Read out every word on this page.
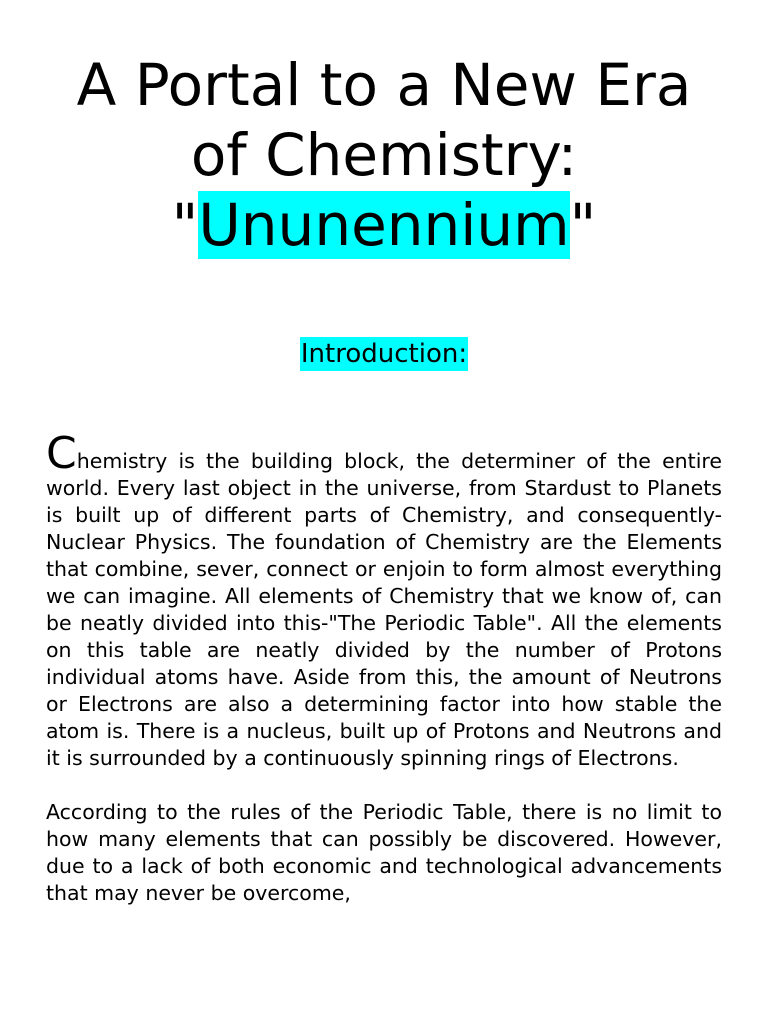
A Portal to a New Era
of Chemistry:
"Ununennium"
Introduction:

Chemistry is the building block, the determiner of the entire world. Every last object in the universe, from Stardust to Planets is built up of different parts of Chemistry, and consequently-Nuclear Physics. The foundation of Chemistry are the Elements that combine, sever, connect or enjoin to form almost everything we can imagine. All elements of Chemistry that we know of, can be neatly divided into this-"The Periodic Table". All the elements on this table are neatly divided by the number of Protons individual atoms have. Aside from this, the amount of Neutrons or Electrons are also a determining factor into how stable the atom is. There is a nucleus, built up of Protons and Neutrons and it is surrounded by a continuously spinning rings of Electrons.

According to the rules of the Periodic Table, there is no limit to how many elements that can possibly be discovered. However, due to a lack of both economic and technological advancements that may never be overcome,
